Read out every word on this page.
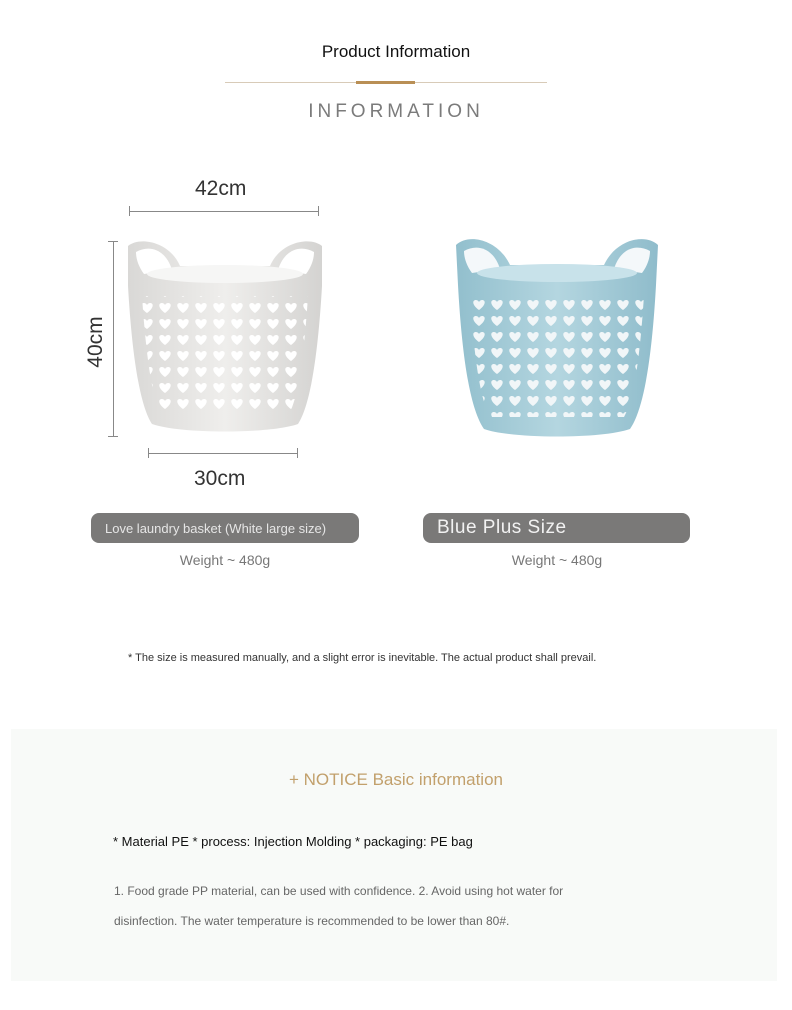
Product Information
INFORMATION
42cm
40cm
30cm
Love laundry basket (White large size)	Blue Plus Size
Weight ~ 480g	Weight ~ 480g
* The size is measured manually, and a slight error is inevitable. The actual product shall prevail.
+ NOTICE Basic information
* Material PE * process: Injection Molding * packaging: PE bag
1. Food grade PP material, can be used with confidence. 2. Avoid using hot water for disinfection. The water temperature is recommended to be lower than 80#.
